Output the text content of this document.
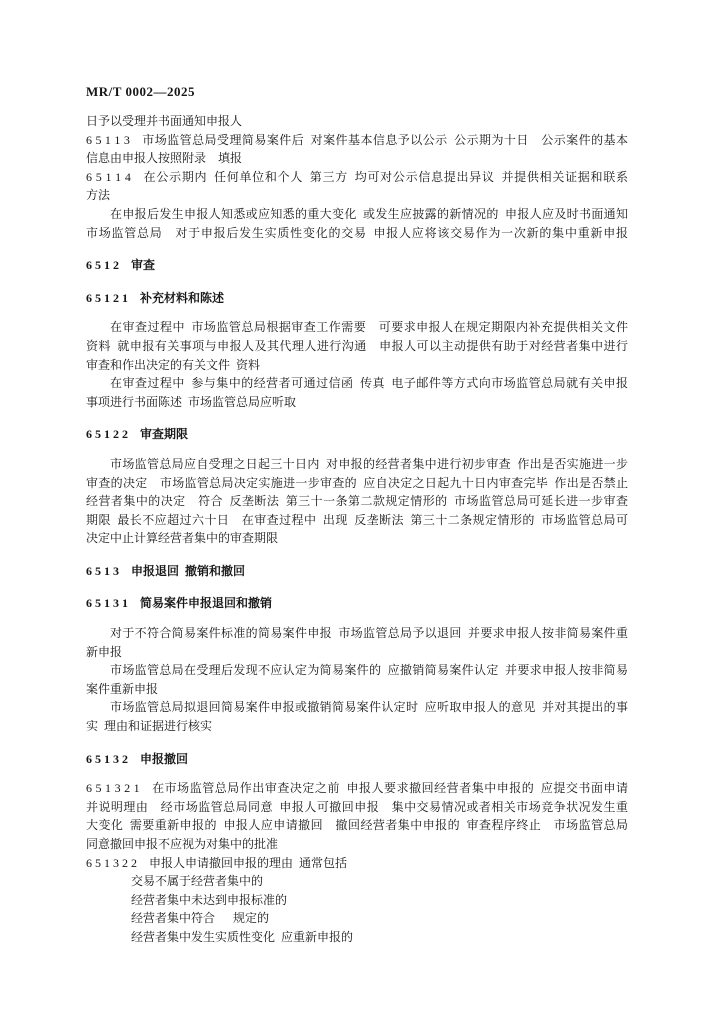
MR/T 0002—2025
日予以受理并书面通知申报人
6 5 1 1 3 市场监管总局受理简易案件后 对案件基本信息予以公示 公示期为十日 公示案件的基本
信息由申报人按照附录 填报
6 5 1 1 4 在公示期内 任何单位和个人 第三方 均可对公示信息提出异议 并提供相关证据和联系
方法
在申报后发生申报人知悉或应知悉的重大变化 或发生应披露的新情况的 申报人应及时书面通知
市场监管总局 对于申报后发生实质性变化的交易 申报人应将该交易作为一次新的集中重新申报
6 5 1 2 审查
6 5 1 2 1 补充材料和陈述
在审查过程中 市场监管总局根据审查工作需要 可要求申报人在规定期限内补充提供相关文件
资料 就申报有关事项与申报人及其代理人进行沟通 申报人可以主动提供有助于对经营者集中进行
审查和作出决定的有关文件 资料
在审查过程中 参与集中的经营者可通过信函 传真 电子邮件等方式向市场监管总局就有关申报
事项进行书面陈述 市场监管总局应听取
6 5 1 2 2 审查期限
市场监管总局应自受理之日起三十日内 对申报的经营者集中进行初步审查 作出是否实施进一步
审查的决定 市场监管总局决定实施进一步审查的 应自决定之日起九十日内审查完毕 作出是否禁止
经营者集中的决定 符合 反垄断法 第三十一条第二款规定情形的 市场监管总局可延长进一步审查
期限 最长不应超过六十日 在审查过程中 出现 反垄断法 第三十二条规定情形的 市场监管总局可
决定中止计算经营者集中的审查期限
6 5 1 3 申报退回 撤销和撤回
6 5 1 3 1 简易案件申报退回和撤销
对于不符合简易案件标准的简易案件申报 市场监管总局予以退回 并要求申报人按非简易案件重
新申报
市场监管总局在受理后发现不应认定为简易案件的 应撤销简易案件认定 并要求申报人按非简易
案件重新申报
市场监管总局拟退回简易案件申报或撤销简易案件认定时 应听取申报人的意见 并对其提出的事
实 理由和证据进行核实
6 5 1 3 2 申报撤回
6 5 1 3 2 1 在市场监管总局作出审查决定之前 申报人要求撤回经营者集中申报的 应提交书面申请
并说明理由 经市场监管总局同意 申报人可撤回申报 集中交易情况或者相关市场竞争状况发生重
大变化 需要重新申报的 申报人应申请撤回 撤回经营者集中申报的 审查程序终止 市场监管总局
同意撤回申报不应视为对集中的批准
6 5 1 3 2 2 申报人申请撤回申报的理由 通常包括
交易不属于经营者集中的
经营者集中未达到申报标准的
经营者集中符合  规定的
经营者集中发生实质性变化 应重新申报的
